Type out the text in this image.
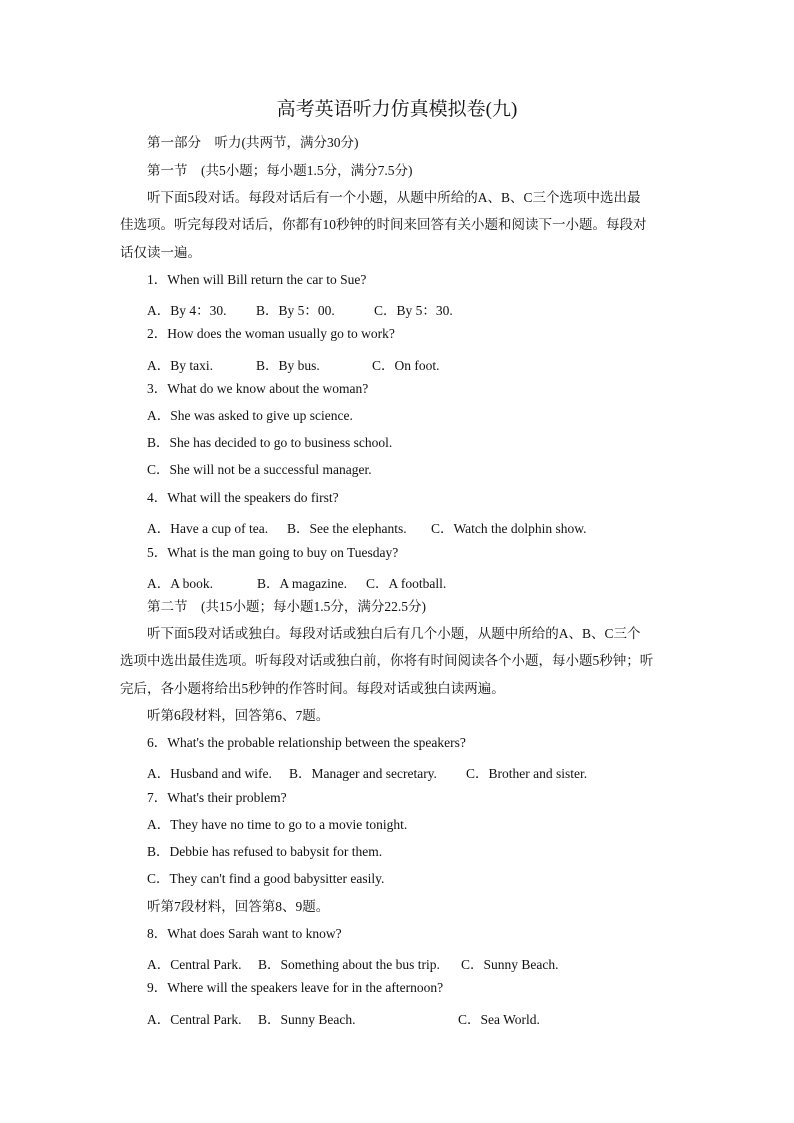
高考英语听力仿真模拟卷(九)
第一部分　听力(共两节，满分30分)
第一节　(共5小题；每小题1.5分，满分7.5分)
听下面5段对话。每段对话后有一个小题，从题中所给的A、B、C三个选项中选出最
佳选项。听完每段对话后，你都有10秒钟的时间来回答有关小题和阅读下一小题。每段对
话仅读一遍。
1．When will Bill return the car to Sue?
A．By 4：30. B．By 5：00.	C．By 5：30.
2．How does the woman usually go to work?
A．By taxi.	B．By bus.	C．On foot.
3．What do we know about the woman?
A．She was asked to give up science.
B．She has decided to go to business school.
C．She will not be a successful manager.
4．What will the speakers do first?
A．Have a cup of tea. B．See the elephants. C．Watch the dolphin show.
5．What is the man going to buy on Tuesday?
A．A book.	B．A magazine. C．A football.
第二节　(共15小题；每小题1.5分，满分22.5分)
听下面5段对话或独白。每段对话或独白后有几个小题，从题中所给的A、B、C三个
选项中选出最佳选项。听每段对话或独白前，你将有时间阅读各个小题，每小题5秒钟；听
完后，各小题将给出5秒钟的作答时间。每段对话或独白读两遍。
听第6段材料，回答第6、7题。
6．What's the probable relationship between the speakers?
A．Husband and wife. B．Manager and secretary. C．Brother and sister.
7．What's their problem?
A．They have no time to go to a movie tonight.
B．Debbie has refused to babysit for them.
C．They can't find a good babysitter easily.
听第7段材料，回答第8、9题。
8．What does Sarah want to know?
A．Central Park. B．Something about the bus trip. C．Sunny Beach.
9．Where will the speakers leave for in the afternoon?
A．Central Park. B．Sunny Beach.	C．Sea World.
